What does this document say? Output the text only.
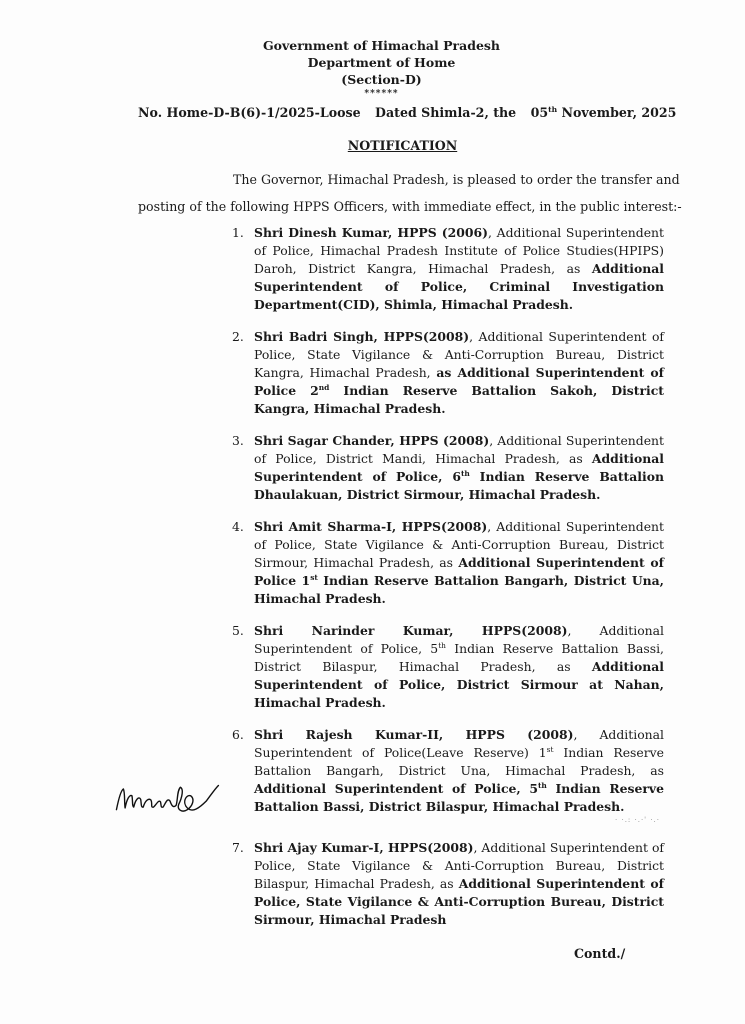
Government of Himachal Pradesh
Department of Home
(Section-D)
******
No. Home-D-B(6)-1/2025-Loose Dated Shimla-2, the 05th November, 2025
NOTIFICATION
The Governor, Himachal Pradesh, is pleased to order the transfer and
posting of the following HPPS Officers, with immediate effect, in the public interest:-
1. Shri Dinesh Kumar, HPPS (2006), Additional Superintendent of Police, Himachal Pradesh Institute of Police Studies(HPIPS) Daroh, District Kangra, Himachal Pradesh, as Additional Superintendent of Police, Criminal Investigation Department(CID), Shimla, Himachal Pradesh.
2. Shri Badri Singh, HPPS(2008), Additional Superintendent of Police, State Vigilance & Anti-Corruption Bureau, District Kangra, Himachal Pradesh, as Additional Superintendent of Police 2nd Indian Reserve Battalion Sakoh, District Kangra, Himachal Pradesh.
3. Shri Sagar Chander, HPPS (2008), Additional Superintendent of Police, District Mandi, Himachal Pradesh, as Additional Superintendent of Police, 6th Indian Reserve Battalion Dhaulakuan, District Sirmour, Himachal Pradesh.
4. Shri Amit Sharma-I, HPPS(2008), Additional Superintendent of Police, State Vigilance & Anti-Corruption Bureau, District Sirmour, Himachal Pradesh, as Additional Superintendent of Police 1st Indian Reserve Battalion Bangarh, District Una, Himachal Pradesh.
5. Shri Narinder Kumar, HPPS(2008), Additional Superintendent of Police, 5th Indian Reserve Battalion Bassi, District Bilaspur, Himachal Pradesh, as Additional Superintendent of Police, District Sirmour at Nahan, Himachal Pradesh.
6. Shri Rajesh Kumar-II, HPPS (2008), Additional Superintendent of Police(Leave Reserve) 1st Indian Reserve Battalion Bangarh, District Una, Himachal Pradesh, as Additional Superintendent of Police, 5th Indian Reserve Battalion Bassi, District Bilaspur, Himachal Pradesh.
· ·.: ·.·' ·.·
7. Shri Ajay Kumar-I, HPPS(2008), Additional Superintendent of Police, State Vigilance & Anti-Corruption Bureau, District Bilaspur, Himachal Pradesh, as Additional Superintendent of Police, State Vigilance & Anti-Corruption Bureau, District Sirmour, Himachal Pradesh
Contd./
